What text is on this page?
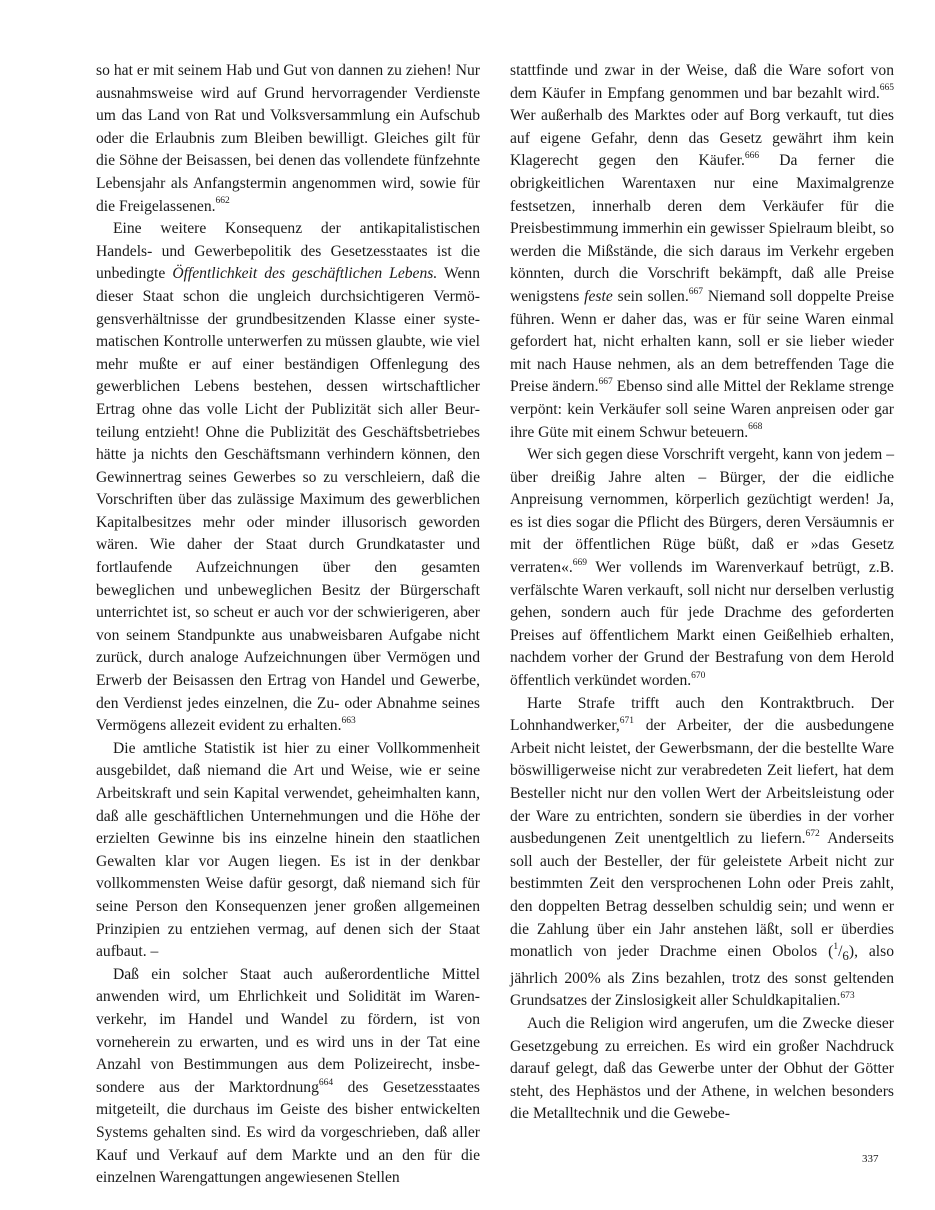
so hat er mit seinem Hab und Gut von dannen zu ziehen! Nur ausnahmsweise wird auf Grund hervorragender Verdienste um das Land von Rat und Volksversammlung ein Aufschub oder die Erlaubnis zum Bleiben bewilligt. Gleiches gilt für die Söhne der Beisassen, bei denen das vollendete fünfzehnte Lebensjahr als Anfangstermin angenommen wird, sowie für die Freigelassenen.$^{662}$

Eine weitere Konsequenz der antikapitalistischen Handels- und Gewerbepolitik des Gesetzesstaates ist die unbedingte Öffentlichkeit des geschäftlichen Lebens. Wenn dieser Staat schon die ungleich durchsichtigeren Vermögensverhältnisse der grundbesitzenden Klasse einer systematischen Kontrolle unterwerfen zu müssen glaubte, wie viel mehr mußte er auf einer beständigen Offenlegung des gewerblichen Lebens bestehen, dessen wirtschaftlicher Ertrag ohne das volle Licht der Publizität sich aller Beurteilung entzieht! Ohne die Publizität des Geschäftsbetriebes hätte ja nichts den Geschäftsmann verhindern können, den Gewinnertrag seines Gewerbes so zu verschleiern, daß die Vorschriften über das zulässige Maximum des gewerblichen Kapitalbesitzes mehr oder minder illusorisch geworden wären. Wie daher der Staat durch Grundkataster und fortlaufende Aufzeichnungen über den gesamten beweglichen und unbeweglichen Besitz der Bürgerschaft unterrichtet ist, so scheut er auch vor der schwierigeren, aber von seinem Standpunkte aus unabweisbaren Aufgabe nicht zurück, durch analoge Aufzeichnungen über Vermögen und Erwerb der Beisassen den Ertrag von Handel und Gewerbe, den Verdienst jedes einzelnen, die Zu- oder Abnahme seines Vermögens allezeit evident zu erhalten.$^{663}$

Die amtliche Statistik ist hier zu einer Vollkommenheit ausgebildet, daß niemand die Art und Weise, wie er seine Arbeitskraft und sein Kapital verwendet, geheimhalten kann, daß alle geschäftlichen Unternehmungen und die Höhe der erzielten Gewinne bis ins einzelne hinein den staatlichen Gewalten klar vor Augen liegen. Es ist in der denkbar vollkommensten Weise dafür gesorgt, daß niemand sich für seine Person den Konsequenzen jener großen allgemeinen Prinzipien zu entziehen vermag, auf denen sich der Staat aufbaut. –

Daß ein solcher Staat auch außerordentliche Mittel anwenden wird, um Ehrlichkeit und Solidität im Warenverkehr, im Handel und Wandel zu fördern, ist von vorneherein zu erwarten, und es wird uns in der Tat eine Anzahl von Bestimmungen aus dem Polizeirecht, insbesondere aus der Marktordnung$^{664}$ des Gesetzesstaates mitgeteilt, die durchaus im Geiste des bisher entwickelten Systems gehalten sind. Es wird da vorgeschrieben, daß aller Kauf und Verkauf auf dem Markte und an den für die einzelnen Warengattungen angewiesenen Stellen

stattfinde und zwar in der Weise, daß die Ware sofort von dem Käufer in Empfang genommen und bar bezahlt wird.$^{665}$ Wer außerhalb des Marktes oder auf Borg verkauft, tut dies auf eigene Gefahr, denn das Gesetz gewährt ihm kein Klagerecht gegen den Käufer.$^{666}$ Da ferner die obrigkeitlichen Warentaxen nur eine Maximalgrenze festsetzen, innerhalb deren dem Verkäufer für die Preisbestimmung immerhin ein gewisser Spielraum bleibt, so werden die Mißstände, die sich daraus im Verkehr ergeben könnten, durch die Vorschrift bekämpft, daß alle Preise wenigstens feste sein sollen.$^{667}$ Niemand soll doppelte Preise führen. Wenn er daher das, was er für seine Waren einmal gefordert hat, nicht erhalten kann, soll er sie lieber wieder mit nach Hause nehmen, als an dem betreffenden Tage die Preise ändern.$^{667}$ Ebenso sind alle Mittel der Reklame strenge verpönt: kein Verkäufer soll seine Waren anpreisen oder gar ihre Güte mit einem Schwur beteuern.$^{668}$

Wer sich gegen diese Vorschrift vergeht, kann von jedem – über dreißig Jahre alten – Bürger, der die eidliche Anpreisung vernommen, körperlich gezüchtigt werden! Ja, es ist dies sogar die Pflicht des Bürgers, deren Versäumnis er mit der öffentlichen Rüge büßt, daß er »das Gesetz verraten«.$^{669}$ Wer vollends im Warenverkauf betrügt, z.B. verfälschte Waren verkauft, soll nicht nur derselben verlustig gehen, sondern auch für jede Drachme des geforderten Preises auf öffentlichem Markt einen Geißelhieb erhalten, nachdem vorher der Grund der Bestrafung von dem Herold öffentlich verkündet worden.$^{670}$

Harte Strafe trifft auch den Kontraktbruch. Der Lohnhandwerker,$^{671}$ der Arbeiter, der die ausbedungene Arbeit nicht leistet, der Gewerbsmann, der die bestellte Ware böswilligerweise nicht zur verabredeten Zeit liefert, hat dem Besteller nicht nur den vollen Wert der Arbeitsleistung oder der Ware zu entrichten, sondern sie überdies in der vorher ausbedungenen Zeit unentgeltlich zu liefern.$^{672}$ Anderseits soll auch der Besteller, der für geleistete Arbeit nicht zur bestimmten Zeit den versprochenen Lohn oder Preis zahlt, den doppelten Betrag desselben schuldig sein; und wenn er die Zahlung über ein Jahr anstehen läßt, soll er überdies monatlich von jeder Drachme einen Obolos $(^1/_6)$, also jährlich 200% als Zins bezahlen, trotz des sonst geltenden Grundsatzes der Zinslosigkeit aller Schuldkapitalien.$^{673}$

Auch die Religion wird angerufen, um die Zwecke dieser Gesetzgebung zu erreichen. Es wird ein großer Nachdruck darauf gelegt, daß das Gewerbe unter der Obhut der Götter steht, des Hephästos und der Athene, in welchen besonders die Metalltechnik und die Gewebe-

337
